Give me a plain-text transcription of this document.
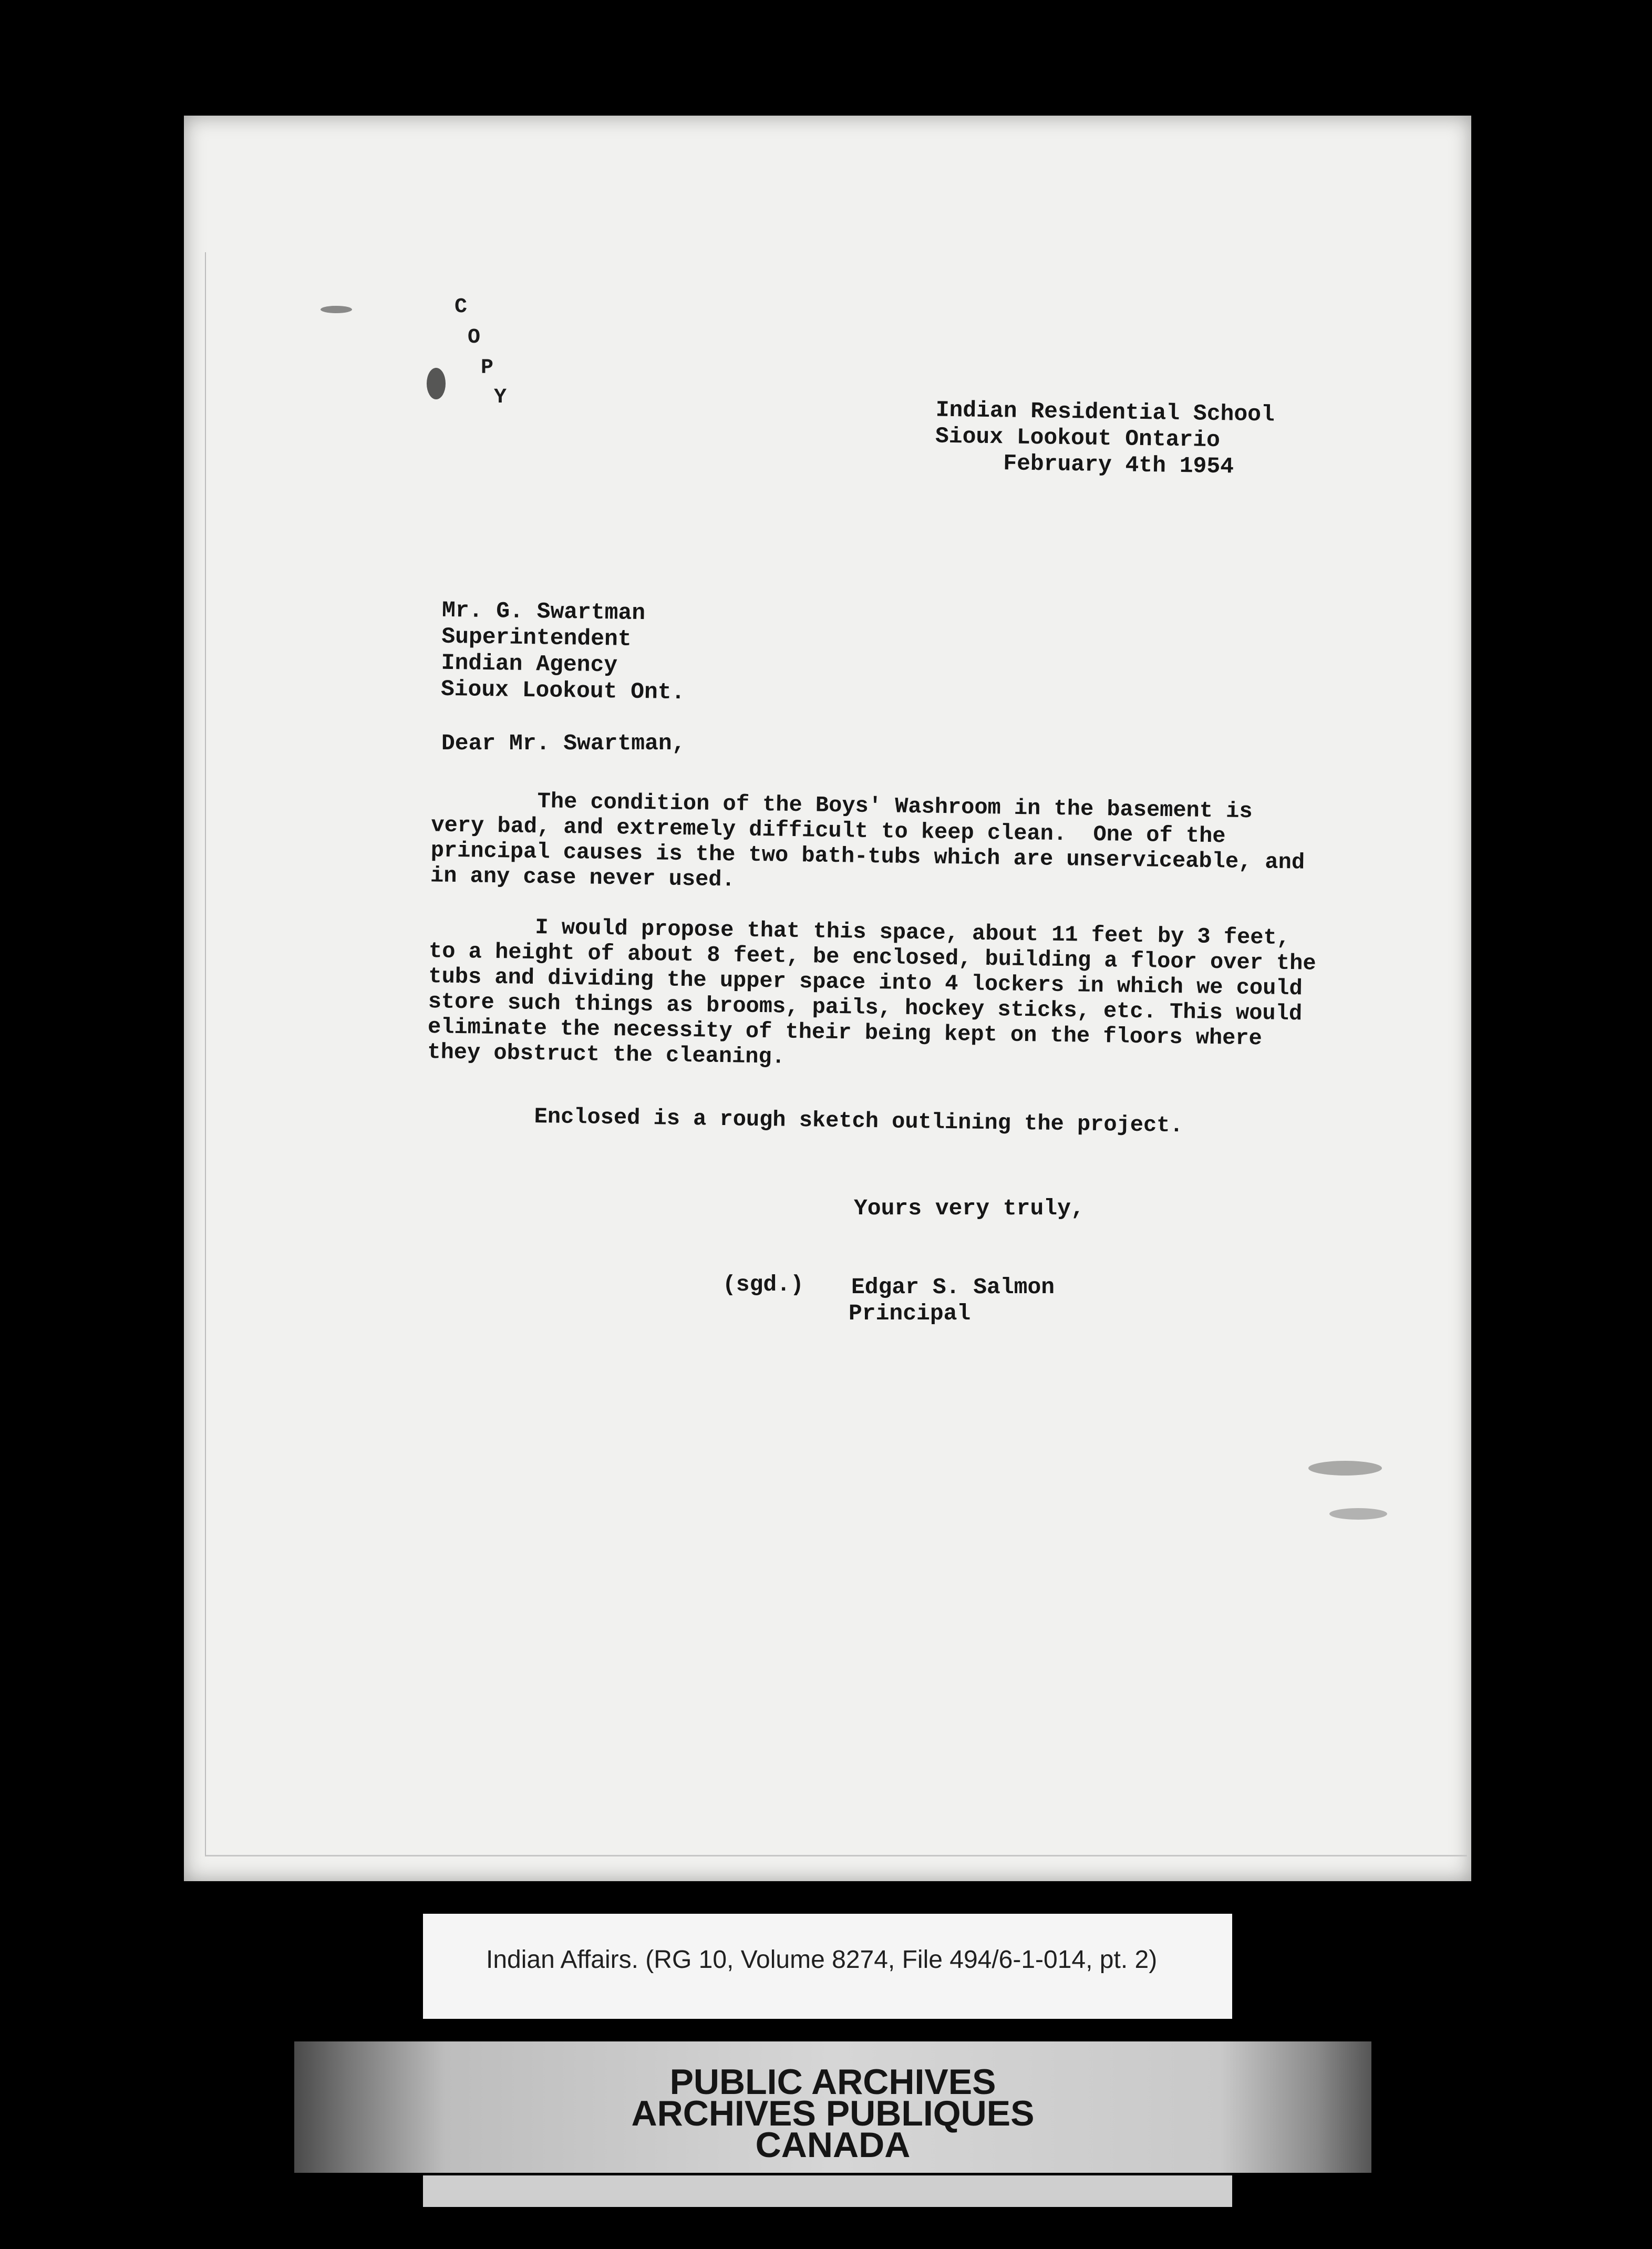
C
O
P
Y	Indian Residential School
Sioux Lookout Ontario
February 4th 1954
Mr. G. Swartman
Superintendent
Indian Agency
Sioux Lookout Ont.
Dear Mr. Swartman,
The condition of the Boys' Washroom in the basement is very bad, and extremely difficult to keep clean.  One of the principal causes is the two bath-tubs which are unserviceable, and in any case never used.
I would propose that this space, about 11 feet by 3 feet, to a height of about 8 feet, be enclosed, building a floor over the tubs and dividing the upper space into 4 lockers in which we could store such things as brooms, pails, hockey sticks, etc. This would eliminate the necessity of their being kept on the floors where they obstruct the cleaning.
Enclosed is a rough sketch outlining the project.
Yours very truly,
(sgd.) Edgar S. Salmon
Principal
Indian Affairs. (RG 10, Volume 8274, File 494/6-1-014, pt. 2)
PUBLIC ARCHIVES
ARCHIVES PUBLIQUES
CANADA
